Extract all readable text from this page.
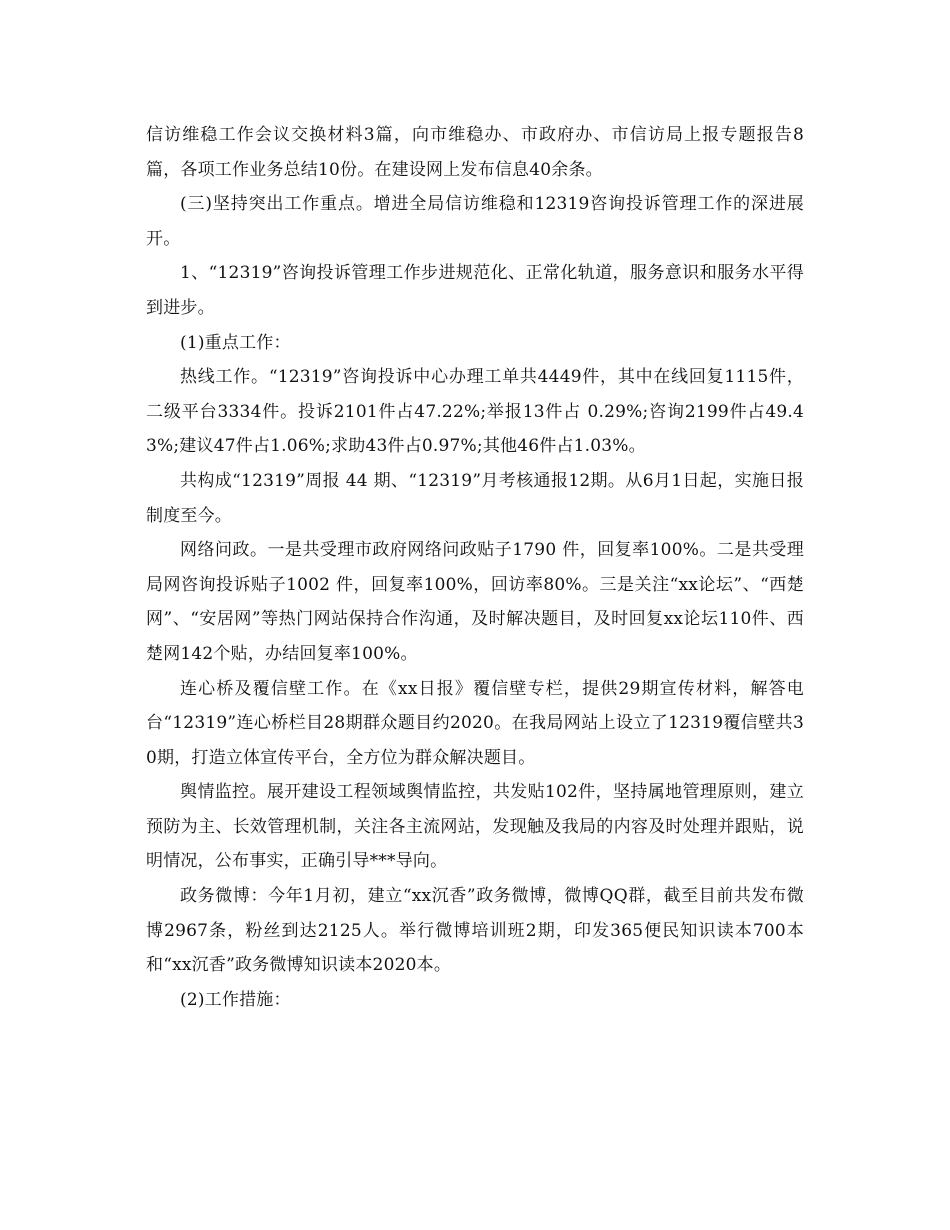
信访维稳工作会议交换材料3篇，向市维稳办、市政府办、市信访局上报专题报告8篇，各项工作业务总结10份。在建设网上发布信息40余条。

(三)坚持突出工作重点。增进全局信访维稳和12319咨询投诉管理工作的深进展开。

1、“12319”咨询投诉管理工作步进规范化、正常化轨道，服务意识和服务水平得到进步。

(1)重点工作：

热线工作。“12319”咨询投诉中心办理工单共4449件，其中在线回复1115件，二级平台3334件。投诉2101件占47.22%;举报13件占 0.29%;咨询2199件占49.43%;建议47件占1.06%;求助43件占0.97%;其他46件占1.03%。

共构成“12319”周报 44 期、“12319”月考核通报12期。从6月1日起，实施日报制度至今。

网络问政。一是共受理市政府网络问政贴子1790 件，回复率100%。二是共受理局网咨询投诉贴子1002 件，回复率100%，回访率80%。三是关注“xx论坛”、“西楚网”、“安居网”等热门网站保持合作沟通，及时解决题目，及时回复xx论坛110件、西楚网142个贴，办结回复率100%。

连心桥及覆信壁工作。在《xx日报》覆信壁专栏，提供29期宣传材料，解答电台“12319”连心桥栏目28期群众题目约2020。在我局网站上设立了12319覆信壁共30期，打造立体宣传平台，全方位为群众解决题目。

舆情监控。展开建设工程领域舆情监控，共发贴102件，坚持属地管理原则，建立预防为主、长效管理机制，关注各主流网站，发现触及我局的内容及时处理并跟贴，说明情况，公布事实，正确引导***导向。

政务微博：今年1月初，建立“xx沉香”政务微博，微博QQ群，截至目前共发布微博2967条，粉丝到达2125人。举行微博培训班2期，印发365便民知识读本700本和“xx沉香”政务微博知识读本2020本。

(2)工作措施：
